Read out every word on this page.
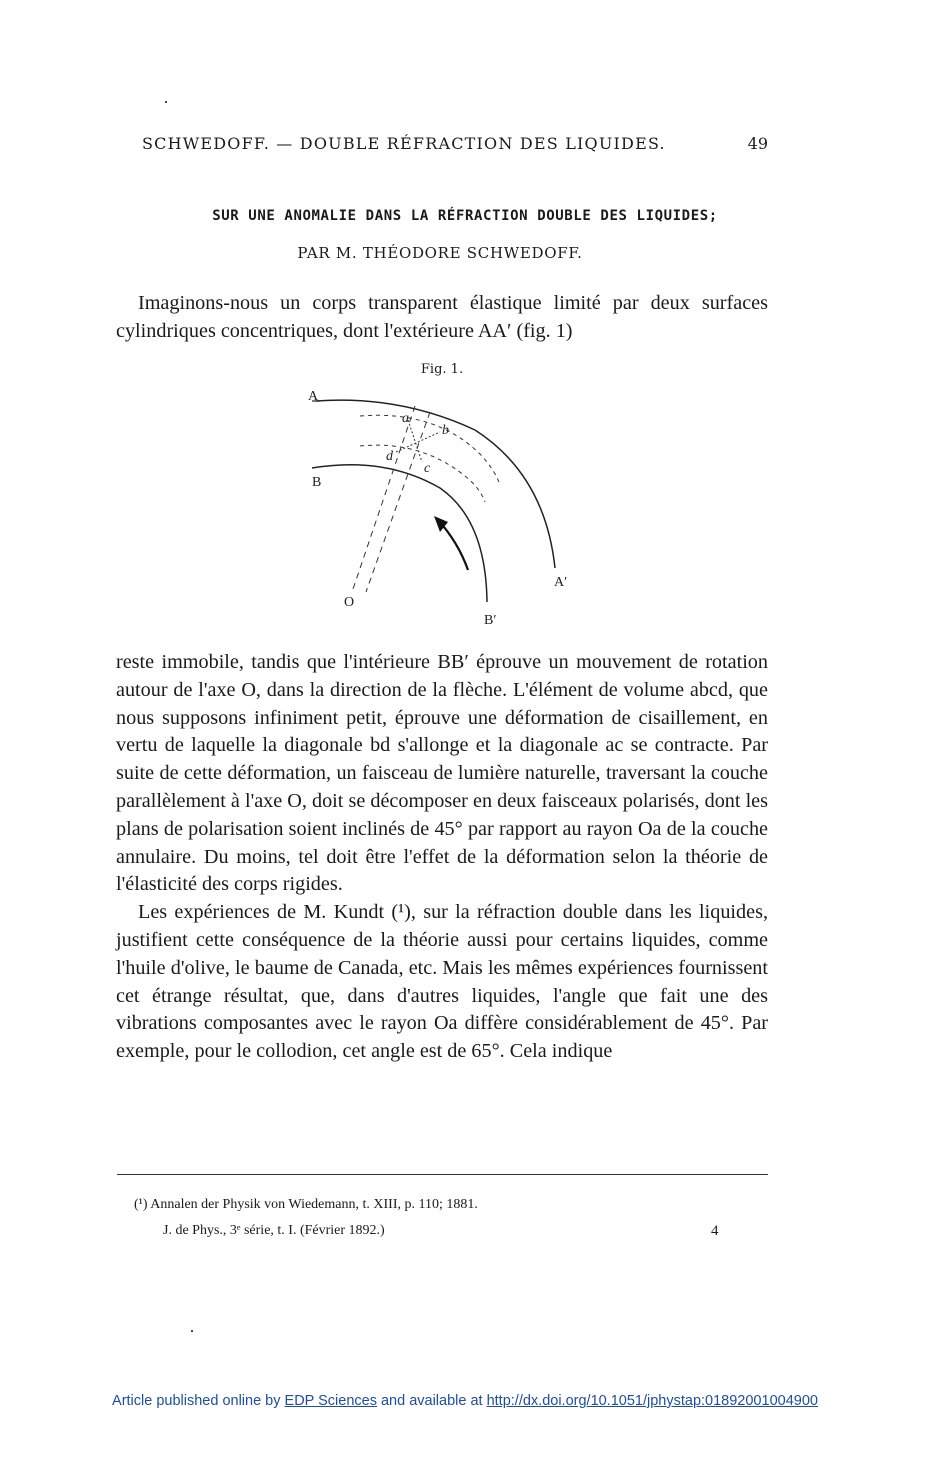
SCHWEDOFF. — DOUBLE RÉFRACTION DES LIQUIDES.	49
SUR UNE ANOMALIE DANS LA RÉFRACTION DOUBLE DES LIQUIDES;
PAR M. THÉODORE SCHWEDOFF.
Imaginons-nous un corps transparent élastique limité par deux surfaces cylindriques concentriques, dont l'extérieure AA′ (fig. 1)
Fig. 1.
A
B
A′
B′
O
a
b
c
d

reste immobile, tandis que l'intérieure BB′ éprouve un mouvement de rotation autour de l'axe O, dans la direction de la flèche. L'élément de volume abcd, que nous supposons infiniment petit, éprouve une déformation de cisaillement, en vertu de laquelle la diagonale bd s'allonge et la diagonale ac se contracte. Par suite de cette déformation, un faisceau de lumière naturelle, traversant la couche parallèlement à l'axe O, doit se décomposer en deux faisceaux polarisés, dont les plans de polarisation soient inclinés de 45° par rapport au rayon Oa de la couche annulaire. Du moins, tel doit être l'effet de la déformation selon la théorie de l'élasticité des corps rigides.

Les expériences de M. Kundt (¹), sur la réfraction double dans les liquides, justifient cette conséquence de la théorie aussi pour certains liquides, comme l'huile d'olive, le baume de Canada, etc. Mais les mêmes expériences fournissent cet étrange résultat, que, dans d'autres liquides, l'angle que fait une des vibrations composantes avec le rayon Oa diffère considérablement de 45°. Par exemple, pour le collodion, cet angle est de 65°. Cela indique

(¹) Annalen der Physik von Wiedemann, t. XIII, p. 110; 1881.
J. de Phys., 3ᵉ série, t. I. (Février 1892.)	4
Article published online by EDP Sciences and available at http://dx.doi.org/10.1051/jphystap:01892001004900
